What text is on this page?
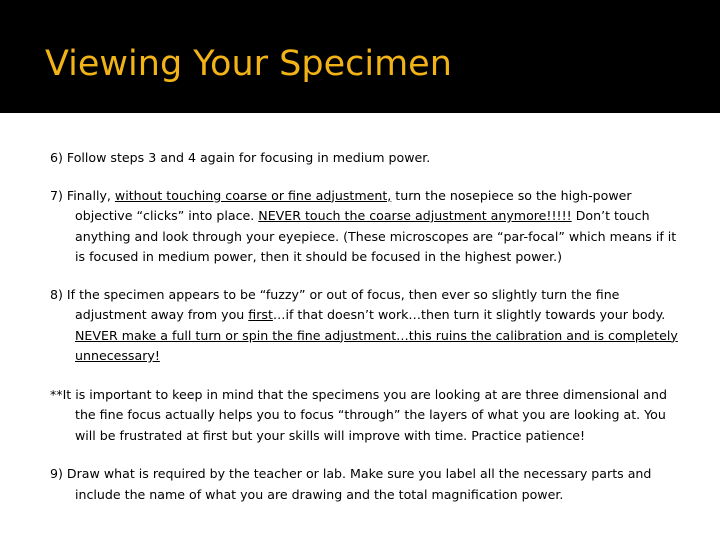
Viewing Your Specimen

6) Follow steps 3 and 4 again for focusing in medium power.

7) Finally, without touching coarse or fine adjustment, turn the nosepiece so the high-power objective “clicks” into place. NEVER touch the coarse adjustment anymore!!!!! Don’t touch anything and look through your eyepiece. (These microscopes are “par-focal” which means if it is focused in medium power, then it should be focused in the highest power.)

8) If the specimen appears to be “fuzzy” or out of focus, then ever so slightly turn the fine adjustment away from you first…if that doesn’t work…then turn it slightly towards your body. NEVER make a full turn or spin the fine adjustment…this ruins the calibration and is completely unnecessary!

**It is important to keep in mind that the specimens you are looking at are three dimensional and the fine focus actually helps you to focus “through” the layers of what you are looking at. You will be frustrated at first but your skills will improve with time. Practice patience!

9) Draw what is required by the teacher or lab. Make sure you label all the necessary parts and include the name of what you are drawing and the total magnification power.
